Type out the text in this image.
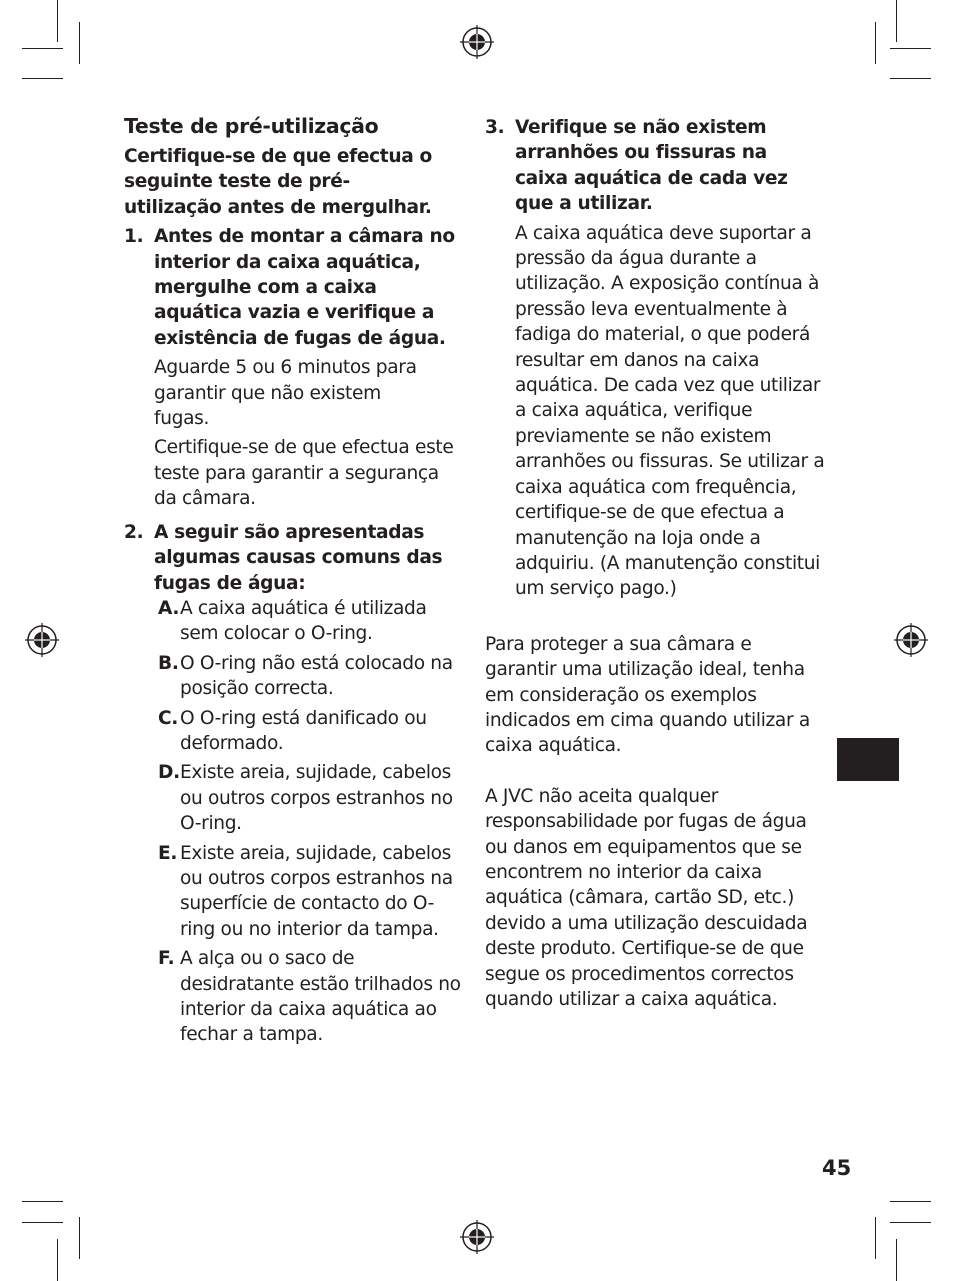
Teste de pré-utilização

Certifique-se de que efectua o seguinte teste de pré-utilização antes de mergulhar.

1. Antes de montar a câmara no interior da caixa aquática, mergulhe com a caixa aquática vazia e verifique a existência de fugas de água.

Aguarde 5 ou 6 minutos para garantir que não existem fugas.

Certifique-se de que efectua este teste para garantir a segurança da câmara.

2. A seguir são apresentadas algumas causas comuns das fugas de água:

A. A caixa aquática é utilizada sem colocar o O-ring.
B. O O-ring não está colocado na posição correcta.
C. O O-ring está danificado ou deformado.
D. Existe areia, sujidade, cabelos ou outros corpos estranhos no O-ring.
E. Existe areia, sujidade, cabelos ou outros corpos estranhos na superfície de contacto do O-ring ou no interior da tampa.
F. A alça ou o saco de desidratante estão trilhados no interior da caixa aquática ao fechar a tampa.
3. Verifique se não existem arranhões ou fissuras na caixa aquática de cada vez que a utilizar.

A caixa aquática deve suportar a pressão da água durante a utilização. A exposição contínua à pressão leva eventualmente à fadiga do material, o que poderá resultar em danos na caixa aquática. De cada vez que utilizar a caixa aquática, verifique previamente se não existem arranhões ou fissuras. Se utilizar a caixa aquática com frequência, certifique-se de que efectua a manutenção na loja onde a adquiriu. (A manutenção constitui um serviço pago.)

Para proteger a sua câmara e garantir uma utilização ideal, tenha em consideração os exemplos indicados em cima quando utilizar a caixa aquática.

A JVC não aceita qualquer responsabilidade por fugas de água ou danos em equipamentos que se encontrem no interior da caixa aquática (câmara, cartão SD, etc.) devido a uma utilização descuidada deste produto. Certifique-se de que segue os procedimentos correctos quando utilizar a caixa aquática.

45
